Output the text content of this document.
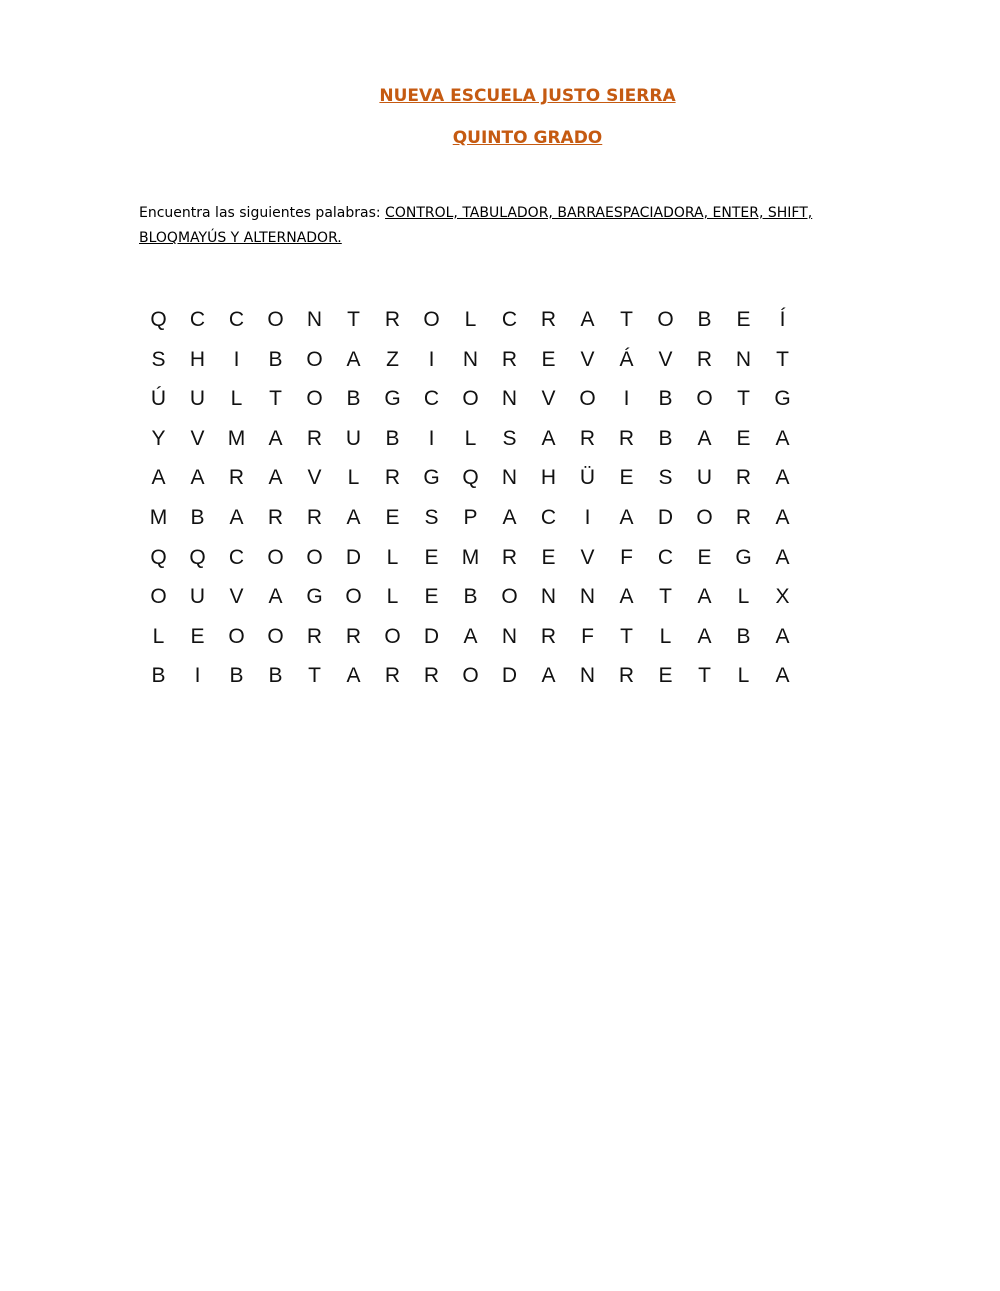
NUEVA ESCUELA JUSTO SIERRA
QUINTO GRADO
Encuentra las siguientes palabras: CONTROL, TABULADOR, BARRAESPACIADORA, ENTER, SHIFT, BLOQMAYÚS Y ALTERNADOR.
Q	C	C	O	N	T	R	O	L	C	R	A	T	O	B	E	Í
S	H	I	B	O	A	Z	I	N	R	E	V	Á	V	R	N	T
Ú	U	L	T	O	B	G	C	O	N	V	O	I	B	O	T	G
Y	V	M	A	R	U	B	I	L	S	A	R	R	B	A	E	A
A	A	R	A	V	L	R	G	Q	N	H	Ü	E	S	U	R	A
M	B	A	R	R	A	E	S	P	A	C	I	A	D	O	R	A
Q	Q	C	O	O	D	L	E	M	R	E	V	F	C	E	G	A
O	U	V	A	G	O	L	E	B	O	N	N	A	T	A	L	X
L	E	O	O	R	R	O	D	A	N	R	F	T	L	A	B	A
B	I	B	B	T	A	R	R	O	D	A	N	R	E	T	L	A
